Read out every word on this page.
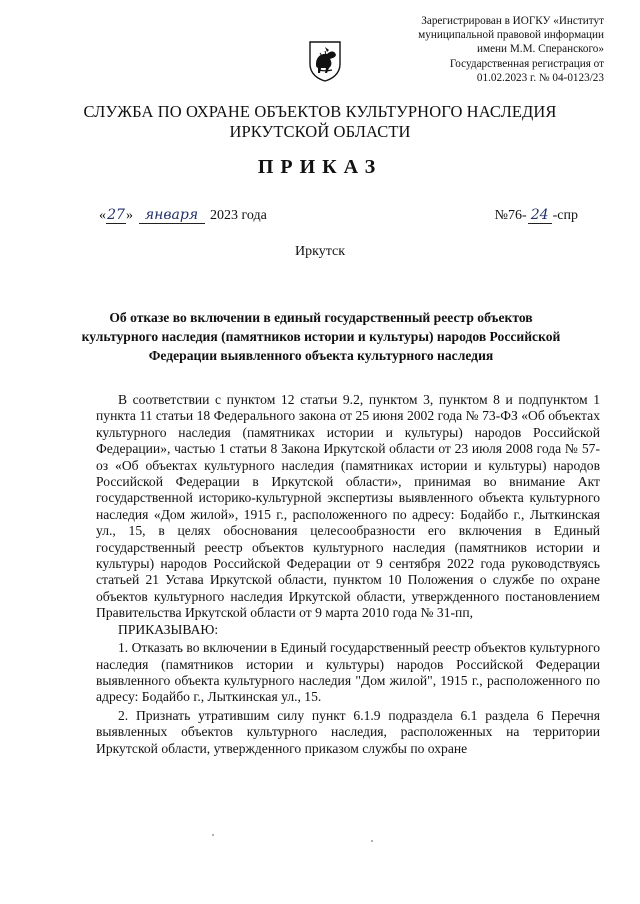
Зарегистрирован в ИОГКУ «Институт
муниципальной правовой информации
имени М.М. Сперанского»
Государственная регистрация от
01.02.2023 г. № 04-0123/23
СЛУЖБА ПО ОХРАНЕ ОБЪЕКТОВ КУЛЬТУРНОГО НАСЛЕДИЯ
ИРКУТСКОЙ ОБЛАСТИ
ПРИКАЗ
«27» января 2023 года	№76- 24 -спр
Иркутск
Об отказе во включении в единый государственный реестр объектов культурного наследия (памятников истории и культуры) народов Российской Федерации выявленного объекта культурного наследия

В соответствии с пунктом 12 статьи 9.2, пунктом 3, пунктом 8 и подпунктом 1 пункта 11 статьи 18 Федерального закона от 25 июня 2002 года № 73-ФЗ «Об объектах культурного наследия (памятниках истории и культуры) народов Российской Федерации», частью 1 статьи 8 Закона Иркутской области от 23 июля 2008 года № 57-оз «Об объектах культурного наследия (памятниках истории и культуры) народов Российской Федерации в Иркутской области», принимая во внимание Акт государственной историко-культурной экспертизы выявленного объекта культурного наследия «Дом жилой», 1915 г., расположенного по адресу: Бодайбо г., Лыткинская ул., 15, в целях обоснования целесообразности его включения в Единый государственный реестр объектов культурного наследия (памятников истории и культуры) народов Российской Федерации от 9 сентября 2022 года руководствуясь статьей 21 Устава Иркутской области, пунктом 10 Положения о службе по охране объектов культурного наследия Иркутской области, утвержденного постановлением Правительства Иркутской области от 9 марта 2010 года № 31-пп,

ПРИКАЗЫВАЮ:

1. Отказать во включении в Единый государственный реестр объектов культурного наследия (памятников истории и культуры) народов Российской Федерации выявленного объекта культурного наследия "Дом жилой", 1915 г., расположенного по адресу: Бодайбо г., Лыткинская ул., 15.

2. Признать утратившим силу пункт 6.1.9 подраздела 6.1 раздела 6 Перечня выявленных объектов культурного наследия, расположенных на территории Иркутской области, утвержденного приказом службы по охране
